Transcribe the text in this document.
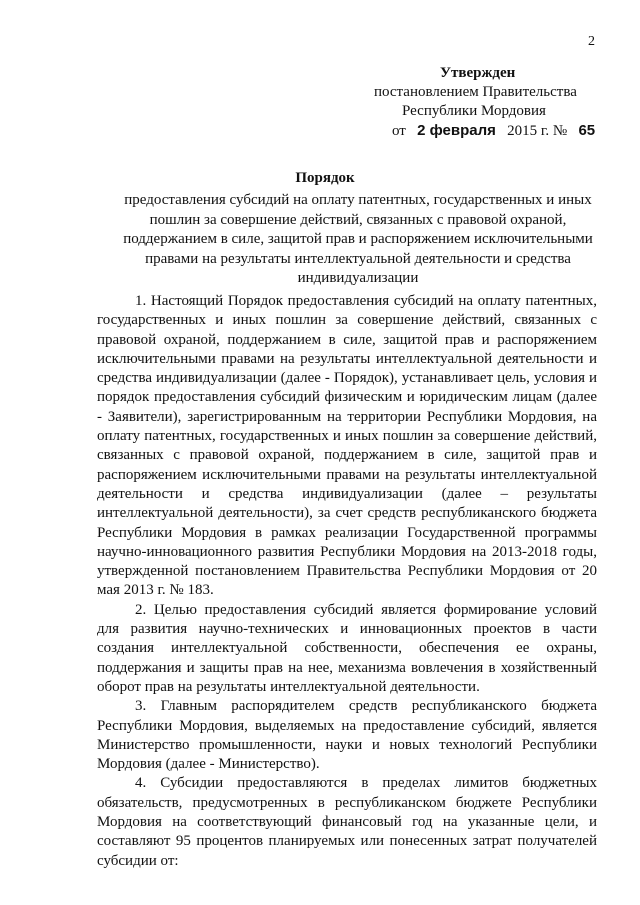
2
Утвержден
постановлением Правительства
Республики Мордовия
от 2 февраля 2015 г. № 65
Порядок
предоставления субсидий на оплату патентных, государственных и иных пошлин за совершение действий, связанных с правовой охраной, поддержанием в силе, защитой прав и распоряжением исключительными правами на результаты интеллектуальной деятельности и средства индивидуализации

1. Настоящий Порядок предоставления субсидий на оплату патентных, государственных и иных пошлин за совершение действий, связанных с правовой охраной, поддержанием в силе, защитой прав и распоряжением исключительными правами на результаты интеллектуальной деятельности и средства индивидуализации (далее - Порядок), устанавливает цель, условия и порядок предоставления субсидий физическим и юридическим лицам (далее - Заявители), зарегистрированным на территории Республики Мордовия, на оплату патентных, государственных и иных пошлин за совершение действий, связанных с правовой охраной, поддержанием в силе, защитой прав и распоряжением исключительными правами на результаты интеллектуальной деятельности и средства индивидуализации (далее – результаты интеллектуальной деятельности), за счет средств республиканского бюджета Республики Мордовия в рамках реализации Государственной программы научно-инновационного развития Республики Мордовия на 2013-2018 годы, утвержденной постановлением Правительства Республики Мордовия от 20 мая 2013 г. № 183.

2. Целью предоставления субсидий является формирование условий для развития научно-технических и инновационных проектов в части создания интеллектуальной собственности, обеспечения ее охраны, поддержания и защиты прав на нее, механизма вовлечения в хозяйственный оборот прав на результаты интеллектуальной деятельности.

3. Главным распорядителем средств республиканского бюджета Республики Мордовия, выделяемых на предоставление субсидий, является Министерство промышленности, науки и новых технологий Республики Мордовия (далее - Министерство).

4. Субсидии предоставляются в пределах лимитов бюджетных обязательств, предусмотренных в республиканском бюджете Республики Мордовия на соответствующий финансовый год на указанные цели, и составляют 95 процентов планируемых или понесенных затрат получателей субсидии от:
